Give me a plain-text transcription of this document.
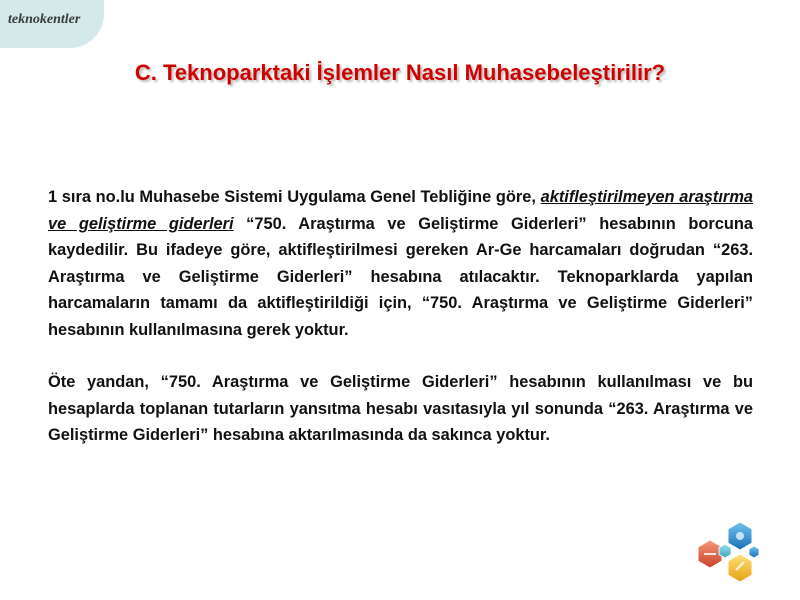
teknokentler
C. Teknoparktaki İşlemler Nasıl Muhasebeleştirilir?

1 sıra no.lu Muhasebe Sistemi Uygulama Genel Tebliğine göre, aktifleştirilmeyen araştırma ve geliştirme giderleri “750. Araştırma ve Geliştirme Giderleri” hesabının borcuna kaydedilir. Bu ifadeye göre, aktifleştirilmesi gereken Ar-Ge harcamaları doğrudan “263. Araştırma ve Geliştirme Giderleri” hesabına atılacaktır. Teknoparklarda yapılan harcamaların tamamı da aktifleştirildiği için, “750. Araştırma ve Geliştirme Giderleri” hesabının kullanılmasına gerek yoktur.

Öte yandan, “750. Araştırma ve Geliştirme Giderleri” hesabının kullanılması ve bu hesaplarda toplanan tutarların yansıtma hesabı vasıtasıyla yıl sonunda “263. Araştırma ve Geliştirme Giderleri” hesabına aktarılmasında da sakınca yoktur.
